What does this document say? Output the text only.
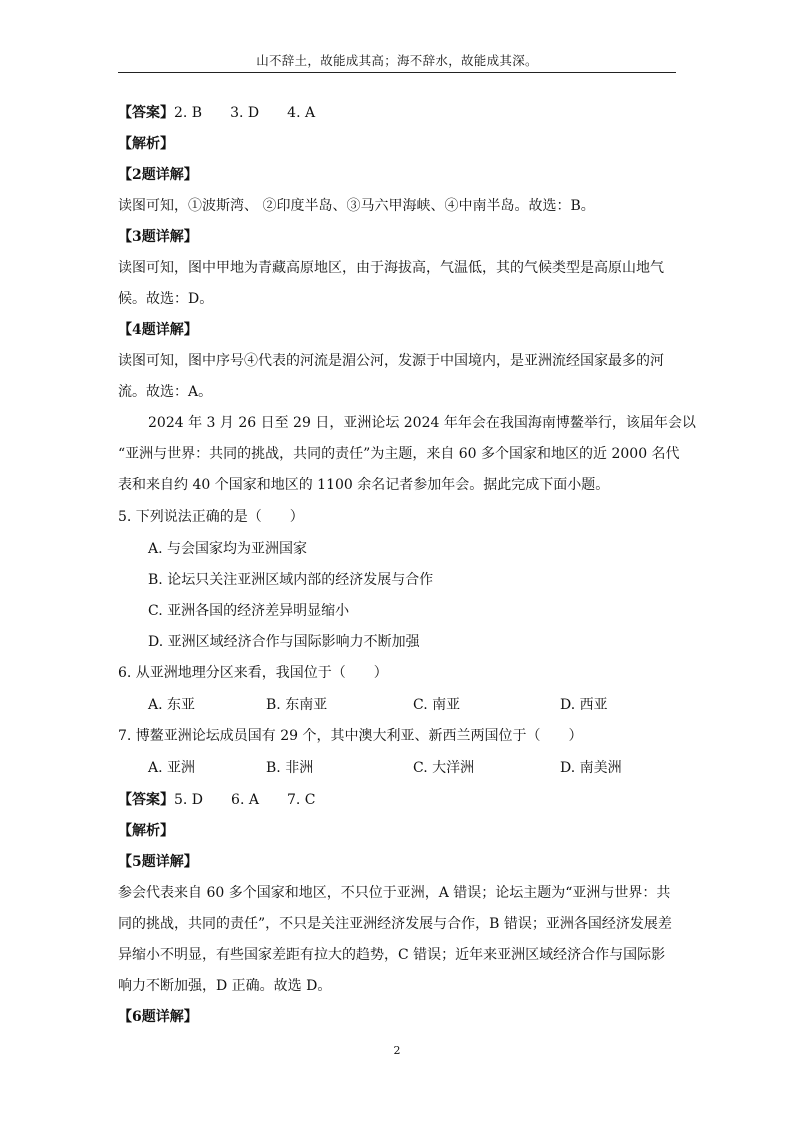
山不辞土，故能成其高；海不辞水，故能成其深。
【答案】2. B 3. D 4. A
【解析】
【2题详解】
读图可知，①波斯湾、 ②印度半岛、③马六甲海峡、④中南半岛。故选：B。
【3题详解】
读图可知，图中甲地为青藏高原地区，由于海拔高，气温低，其的气候类型是高原山地气
候。故选：D。
【4题详解】
读图可知，图中序号④代表的河流是湄公河，发源于中国境内，是亚洲流经国家最多的河
流。故选：A。
2024 年 3 月 26 日至 29 日，亚洲论坛 2024 年年会在我国海南博鳌举行，该届年会以
“亚洲与世界：共同的挑战，共同的责任”为主题，来自 60 多个国家和地区的近 2000 名代
表和来自约 40 个国家和地区的 1100 余名记者参加年会。据此完成下面小题。
5. 下列说法正确的是（　　）
A. 与会国家均为亚洲国家
B. 论坛只关注亚洲区域内部的经济发展与合作
C. 亚洲各国的经济差异明显缩小
D. 亚洲区域经济合作与国际影响力不断加强
6. 从亚洲地理分区来看，我国位于（　　）
A. 东亚	B. 东南亚	C. 南亚	D. 西亚
7. 博鳌亚洲论坛成员国有 29 个，其中澳大利亚、新西兰两国位于（　　）
A. 亚洲	B. 非洲	C. 大洋洲	D. 南美洲
【答案】5. D 6. A 7. C
【解析】
【5题详解】
参会代表来自 60 多个国家和地区，不只位于亚洲，A 错误；论坛主题为“亚洲与世界：共
同的挑战，共同的责任”，不只是关注亚洲经济发展与合作，B 错误；亚洲各国经济发展差
异缩小不明显，有些国家差距有拉大的趋势，C 错误；近年来亚洲区域经济合作与国际影
响力不断加强，D 正确。故选 D。
【6题详解】
2
